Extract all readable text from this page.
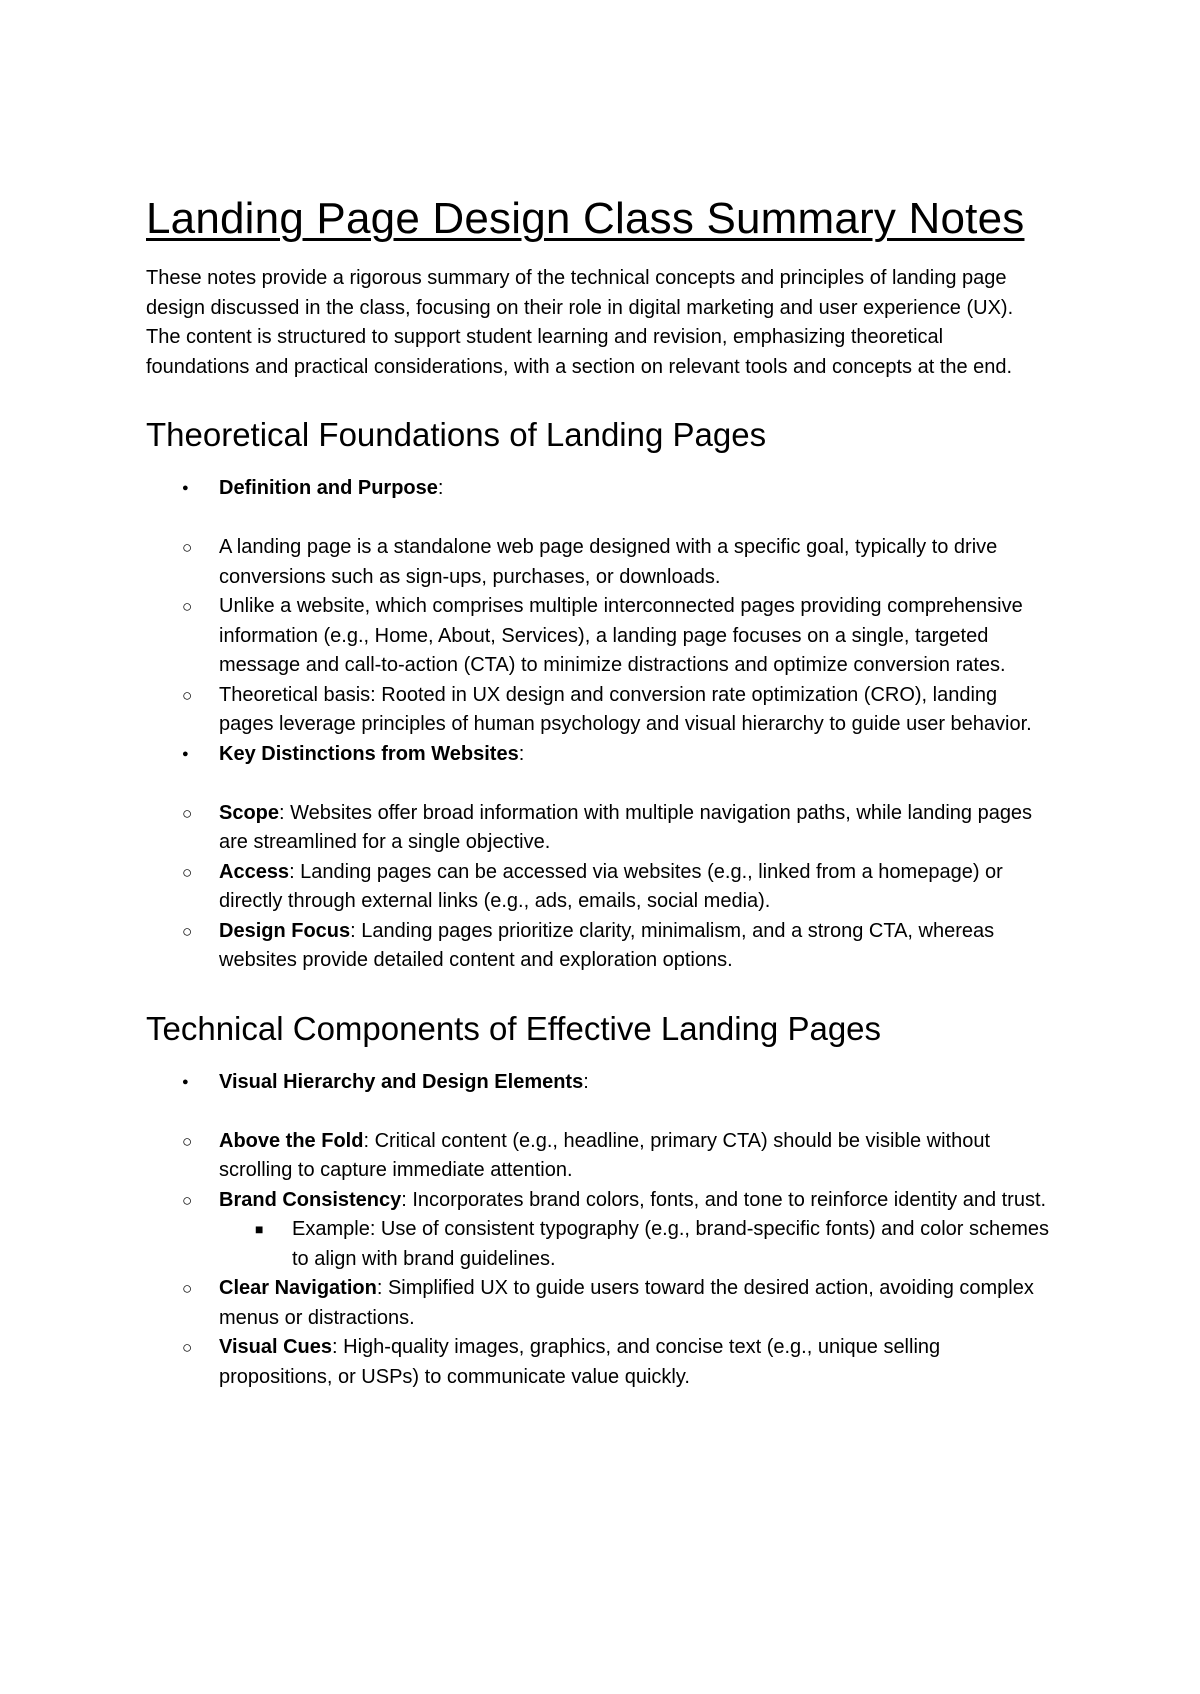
Landing Page Design Class Summary Notes

These notes provide a rigorous summary of the technical concepts and principles of landing page design discussed in the class, focusing on their role in digital marketing and user experience (UX). The content is structured to support student learning and revision, emphasizing theoretical foundations and practical considerations, with a section on relevant tools and concepts at the end.

Theoretical Foundations of Landing Pages
● Definition and Purpose:
○ A landing page is a standalone web page designed with a specific goal, typically to drive conversions such as sign-ups, purchases, or downloads.
○ Unlike a website, which comprises multiple interconnected pages providing comprehensive information (e.g., Home, About, Services), a landing page focuses on a single, targeted message and call-to-action (CTA) to minimize distractions and optimize conversion rates.
○ Theoretical basis: Rooted in UX design and conversion rate optimization (CRO), landing pages leverage principles of human psychology and visual hierarchy to guide user behavior.
● Key Distinctions from Websites:
○ Scope: Websites offer broad information with multiple navigation paths, while landing pages are streamlined for a single objective.
○ Access: Landing pages can be accessed via websites (e.g., linked from a homepage) or directly through external links (e.g., ads, emails, social media).
○ Design Focus: Landing pages prioritize clarity, minimalism, and a strong CTA, whereas websites provide detailed content and exploration options.
Technical Components of Effective Landing Pages
● Visual Hierarchy and Design Elements:
○ Above the Fold: Critical content (e.g., headline, primary CTA) should be visible without scrolling to capture immediate attention.
○ Brand Consistency: Incorporates brand colors, fonts, and tone to reinforce identity and trust.
■ Example: Use of consistent typography (e.g., brand-specific fonts) and color schemes to align with brand guidelines.
○ Clear Navigation: Simplified UX to guide users toward the desired action, avoiding complex menus or distractions.
○ Visual Cues: High-quality images, graphics, and concise text (e.g., unique selling propositions, or USPs) to communicate value quickly.
